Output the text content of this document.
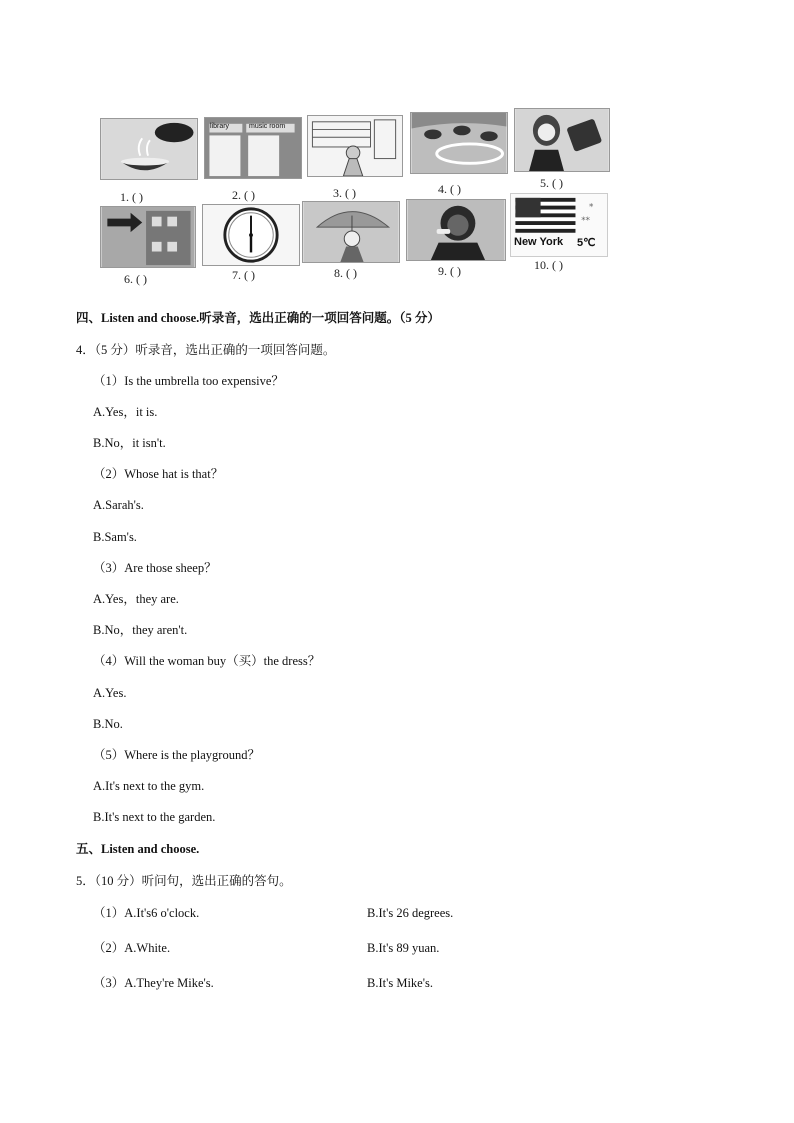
1. ( )
library	music room
2. ( )	3. ( )	4. ( )	5. ( )
6. ( )	7. ( )	8. ( )	9. ( )
*
**
New York 5℃
10. ( )
四、Listen and choose.听录音，选出正确的一项回答问题。（5 分）
4．（5 分）听录音，选出正确的一项回答问题。
（1）Is the umbrella too expensive？
A.Yes，it is.
B.No，it isn't.
（2）Whose hat is that？
A.Sarah's.
B.Sam's.
（3）Are those sheep？
A.Yes，they are.
B.No，they aren't.
（4）Will the woman buy（买）the dress？
A.Yes.
B.No.
（5）Where is the playground？
A.It's next to the gym.
B.It's next to the garden.
五、Listen and choose.
5．（10 分）听问句，选出正确的答句。
（1）A.It's6 o'clock.	B.It's 26 degrees.
（2）A.White.	B.It's 89 yuan.
（3）A.They're Mike's.	B.It's Mike's.
